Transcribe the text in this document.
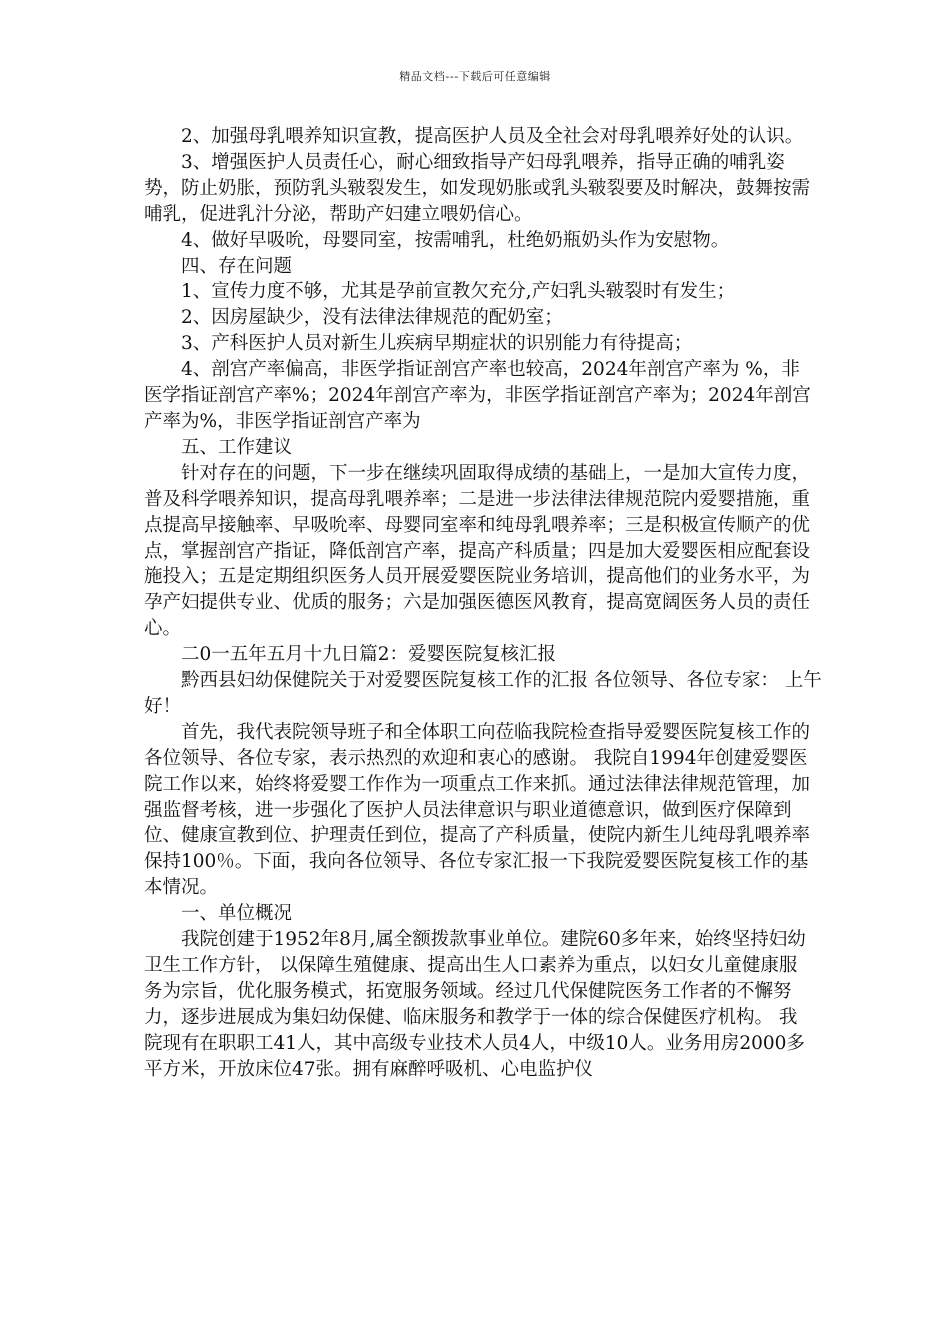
精品文档---下载后可任意编辑

2、加强母乳喂养知识宣教，提高医护人员及全社会对母乳喂养好处的认识。

3、增强医护人员责任心，耐心细致指导产妇母乳喂养，指导正确的哺乳姿势，防止奶胀，预防乳头皲裂发生，如发现奶胀或乳头皲裂要及时解决，鼓舞按需哺乳，促进乳汁分泌，帮助产妇建立喂奶信心。

4、做好早吸吮，母婴同室，按需哺乳，杜绝奶瓶奶头作为安慰物。

四、存在问题

1、宣传力度不够，尤其是孕前宣教欠充分,产妇乳头皲裂时有发生；

2、因房屋缺少，没有法律法律规范的配奶室；

3、产科医护人员对新生儿疾病早期症状的识别能力有待提高；

4、剖宫产率偏高，非医学指证剖宫产率也较高，2024年剖宫产率为 %，非医学指证剖宫产率%；2024年剖宫产率为，非医学指证剖宫产率为；2024年剖宫产率为%，非医学指证剖宫产率为

五、工作建议

针对存在的问题，下一步在继续巩固取得成绩的基础上，一是加大宣传力度，普及科学喂养知识，提高母乳喂养率；二是进一步法律法律规范院内爱婴措施，重点提高早接触率、早吸吮率、母婴同室率和纯母乳喂养率；三是积极宣传顺产的优点，掌握剖宫产指证，降低剖宫产率，提高产科质量；四是加大爱婴医相应配套设施投入；五是定期组织医务人员开展爱婴医院业务培训，提高他们的业务水平，为孕产妇提供专业、优质的服务；六是加强医德医风教育，提高宽阔医务人员的责任心。

二0一五年五月十九日篇2：爱婴医院复核汇报

黔西县妇幼保健院关于对爱婴医院复核工作的汇报 各位领导、各位专家： 上午好！

首先，我代表院领导班子和全体职工向莅临我院检查指导爱婴医院复核工作的各位领导、各位专家，表示热烈的欢迎和衷心的感谢。 我院自1994年创建爱婴医院工作以来，始终将爱婴工作作为一项重点工作来抓。通过法律法律规范管理，加强监督考核，进一步强化了医护人员法律意识与职业道德意识，做到医疗保障到位、健康宣教到位、护理责任到位，提高了产科质量，使院内新生儿纯母乳喂养率保持100％。下面，我向各位领导、各位专家汇报一下我院爱婴医院复核工作的基本情况。

一、单位概况

我院创建于1952年8月,属全额拨款事业单位。建院60多年来，始终坚持妇幼卫生工作方针， 以保障生殖健康、提高出生人口素养为重点，以妇女儿童健康服务为宗旨，优化服务模式，拓宽服务领域。经过几代保健院医务工作者的不懈努力，逐步进展成为集妇幼保健、临床服务和教学于一体的综合保健医疗机构。 我院现有在职职工41人，其中高级专业技术人员4人，中级10人。业务用房2000多平方米，开放床位47张。拥有麻醉呼吸机、心电监护仪
